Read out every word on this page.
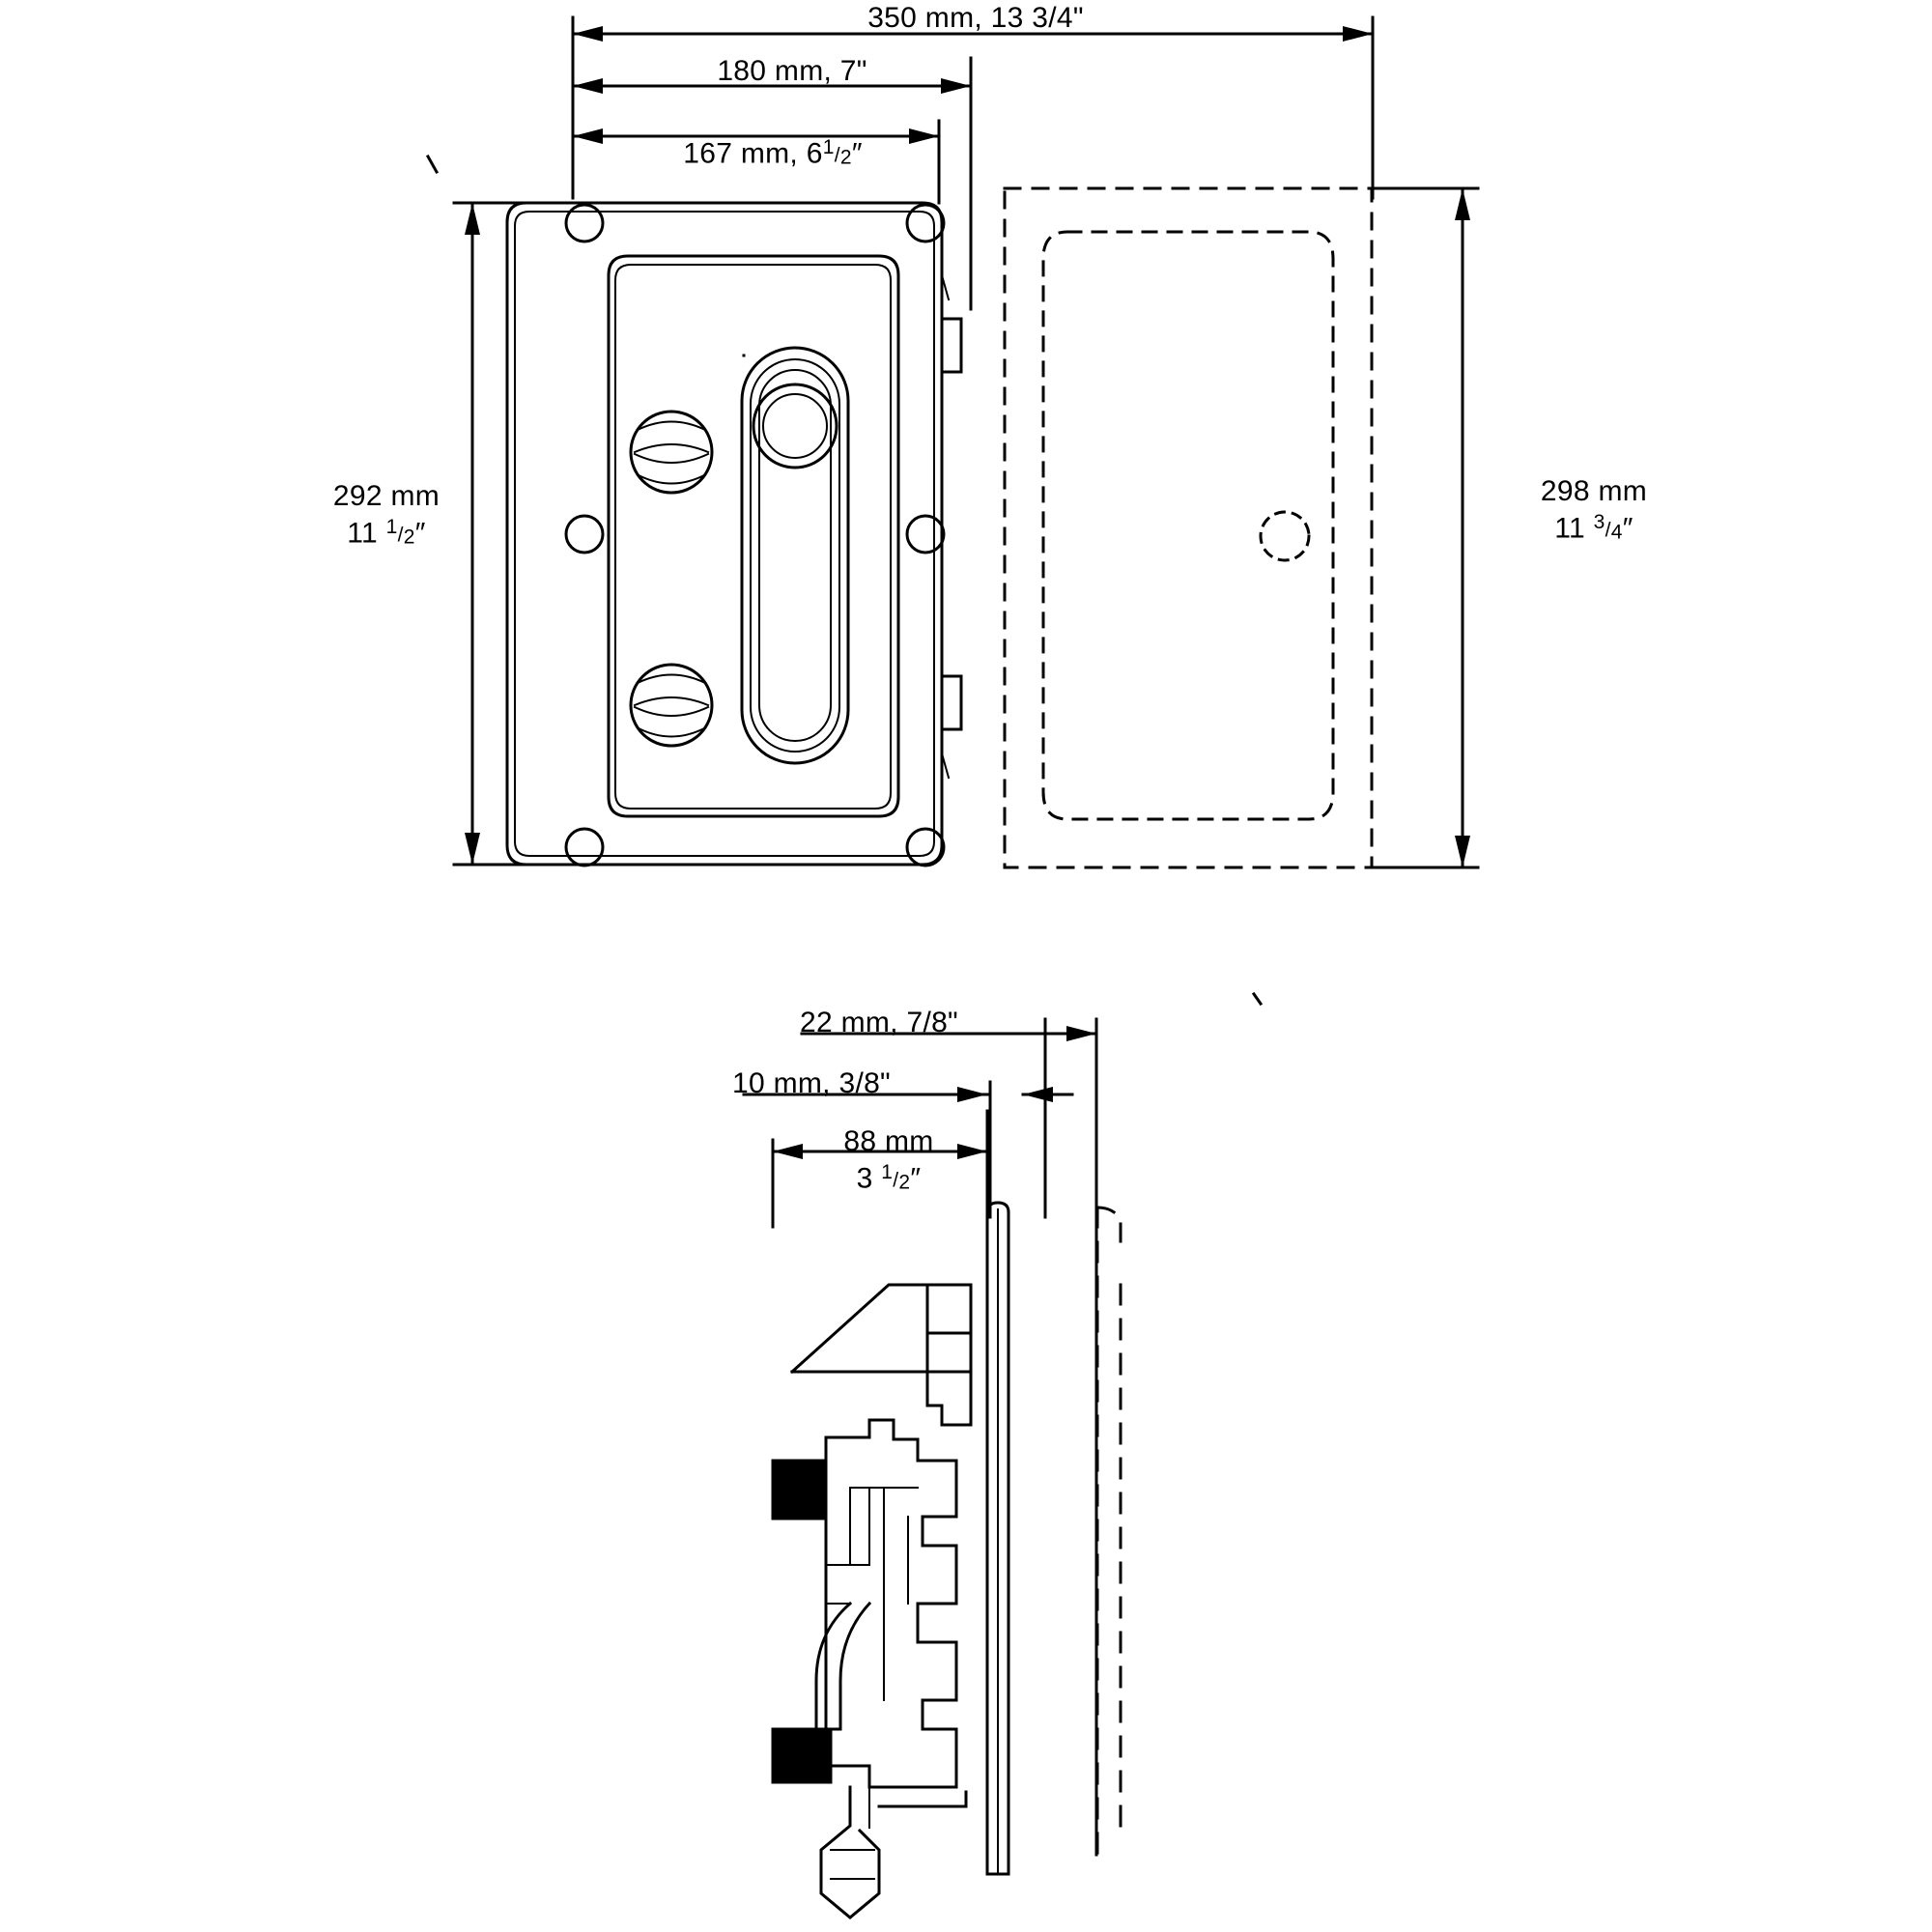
350 mm, 13 3/4"
180 mm, 7"
167 mm, $6^1/2''$
292 mm
11 $^1$/2″
298 mm
11 $^3$/4″
22 mm, 7/8"
10 mm, 3/8"
88 mm
3 $^1$/2″
